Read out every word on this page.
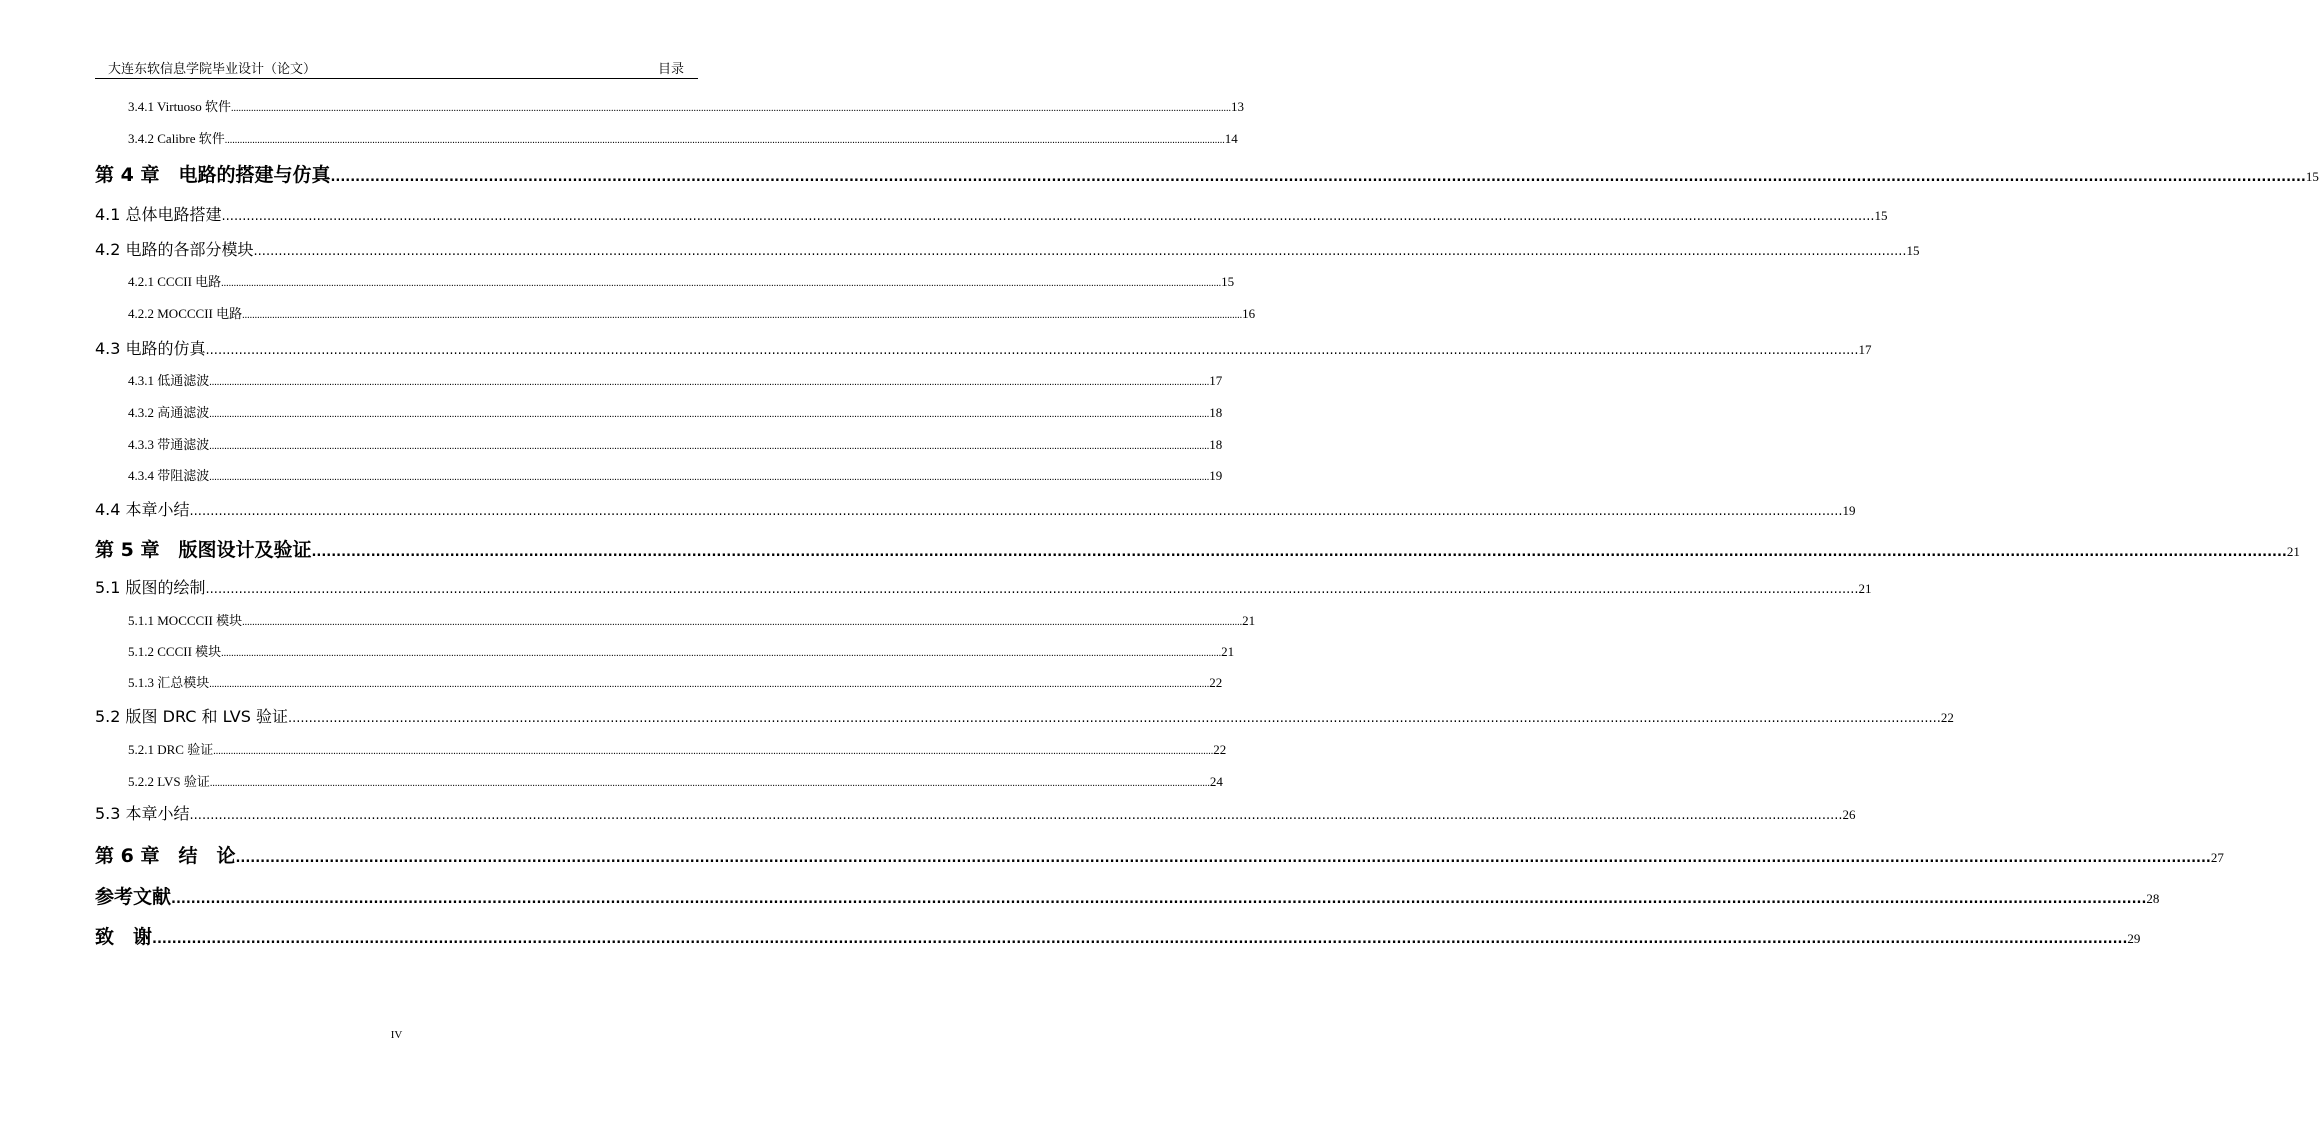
大连东软信息学院毕业设计（论文）	目录
3.4.1 Virtuoso 软件 ................................................................................................................................................................................................................................................................................................................................................................................................................ 13
3.4.2 Calibre 软件 ................................................................................................................................................................................................................................................................................................................................................................................................................ 14
第 4 章　电路的搭建与仿真 ................................................................................................................................................................................................................................................................................................................................................................................................................ 15
4.1 总体电路搭建 ................................................................................................................................................................................................................................................................................................................................................................................................................ 15
4.2 电路的各部分模块 ................................................................................................................................................................................................................................................................................................................................................................................................................ 15
4.2.1 CCCII 电路 ................................................................................................................................................................................................................................................................................................................................................................................................................ 15
4.2.2 MOCCCII 电路 ................................................................................................................................................................................................................................................................................................................................................................................................................ 16
4.3 电路的仿真 ................................................................................................................................................................................................................................................................................................................................................................................................................ 17
4.3.1 低通滤波 ................................................................................................................................................................................................................................................................................................................................................................................................................ 17
4.3.2 高通滤波 ................................................................................................................................................................................................................................................................................................................................................................................................................ 18
4.3.3 带通滤波 ................................................................................................................................................................................................................................................................................................................................................................................................................ 18
4.3.4 带阻滤波 ................................................................................................................................................................................................................................................................................................................................................................................................................ 19
4.4 本章小结 ................................................................................................................................................................................................................................................................................................................................................................................................................ 19
第 5 章　版图设计及验证 ................................................................................................................................................................................................................................................................................................................................................................................................................ 21
5.1 版图的绘制 ................................................................................................................................................................................................................................................................................................................................................................................................................ 21
5.1.1 MOCCCII 模块 ................................................................................................................................................................................................................................................................................................................................................................................................................ 21
5.1.2 CCCII 模块 ................................................................................................................................................................................................................................................................................................................................................................................................................ 21
5.1.3 汇总模块 ................................................................................................................................................................................................................................................................................................................................................................................................................ 22
5.2 版图 DRC 和 LVS 验证 ................................................................................................................................................................................................................................................................................................................................................................................................................ 22
5.2.1 DRC 验证 ................................................................................................................................................................................................................................................................................................................................................................................................................ 22
5.2.2 LVS 验证 ................................................................................................................................................................................................................................................................................................................................................................................................................ 24
5.3 本章小结 ................................................................................................................................................................................................................................................................................................................................................................................................................ 26
第 6 章　结　论 ................................................................................................................................................................................................................................................................................................................................................................................................................ 27
参考文献 ................................................................................................................................................................................................................................................................................................................................................................................................................ 28
致　谢 ................................................................................................................................................................................................................................................................................................................................................................................................................ 29
IV
